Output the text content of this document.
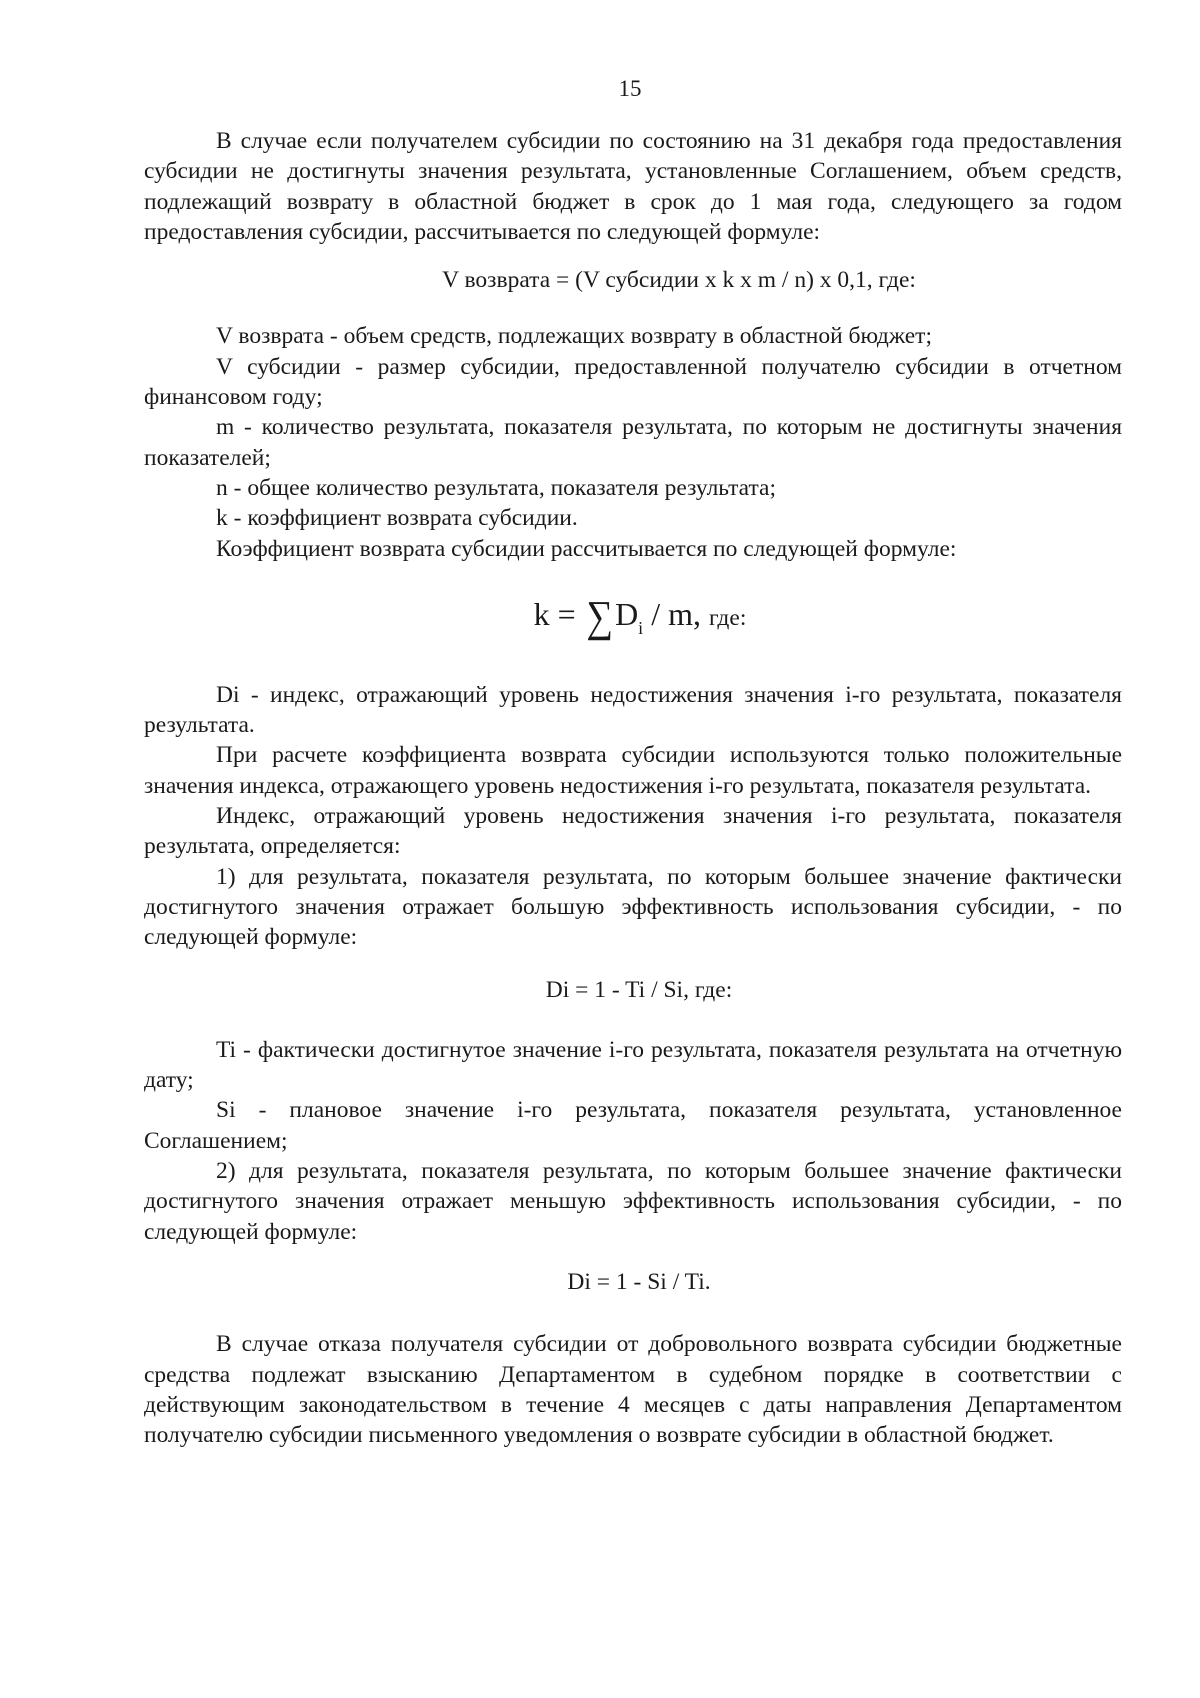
15

В случае если получателем субсидии по состоянию на 31 декабря года предоставления субсидии не достигнуты значения результата, установленные Соглашением, объем средств, подлежащий возврату в областной бюджет в срок до 1 мая года, следующего за годом предоставления субсидии, рассчитывается по следующей формуле:

V возврата = (V субсидии x k x m / n) x 0,1, где:

V возврата - объем средств, подлежащих возврату в областной бюджет;

V субсидии - размер субсидии, предоставленной получателю субсидии в отчетном финансовом году;

m - количество результата, показателя результата, по которым не достигнуты значения показателей;

n - общее количество результата, показателя результата;

k - коэффициент возврата субсидии.

Коэффициент возврата субсидии рассчитывается по следующей формуле:

$k = \sum D_i / m$, где:

Di - индекс, отражающий уровень недостижения значения i-го результата, показателя результата.

При расчете коэффициента возврата субсидии используются только положительные значения индекса, отражающего уровень недостижения i-го результата, показателя результата.

Индекс, отражающий уровень недостижения значения i-го результата, показателя результата, определяется:

1) для результата, показателя результата, по которым большее значение фактически достигнутого значения отражает большую эффективность использования субсидии, - по следующей формуле:

Di = 1 - Ti / Si, где:

Ti - фактически достигнутое значение i-го результата, показателя результата на отчетную дату;

Si - плановое значение i-го результата, показателя результата, установленное Соглашением;

2) для результата, показателя результата, по которым большее значение фактически достигнутого значения отражает меньшую эффективность использования субсидии, - по следующей формуле:

Di = 1 - Si / Ti.

В случае отказа получателя субсидии от добровольного возврата субсидии бюджетные средства подлежат взысканию Департаментом в судебном порядке в соответствии с действующим законодательством в течение 4 месяцев с даты направления Департаментом получателю субсидии письменного уведомления о возврате субсидии в областной бюджет.
